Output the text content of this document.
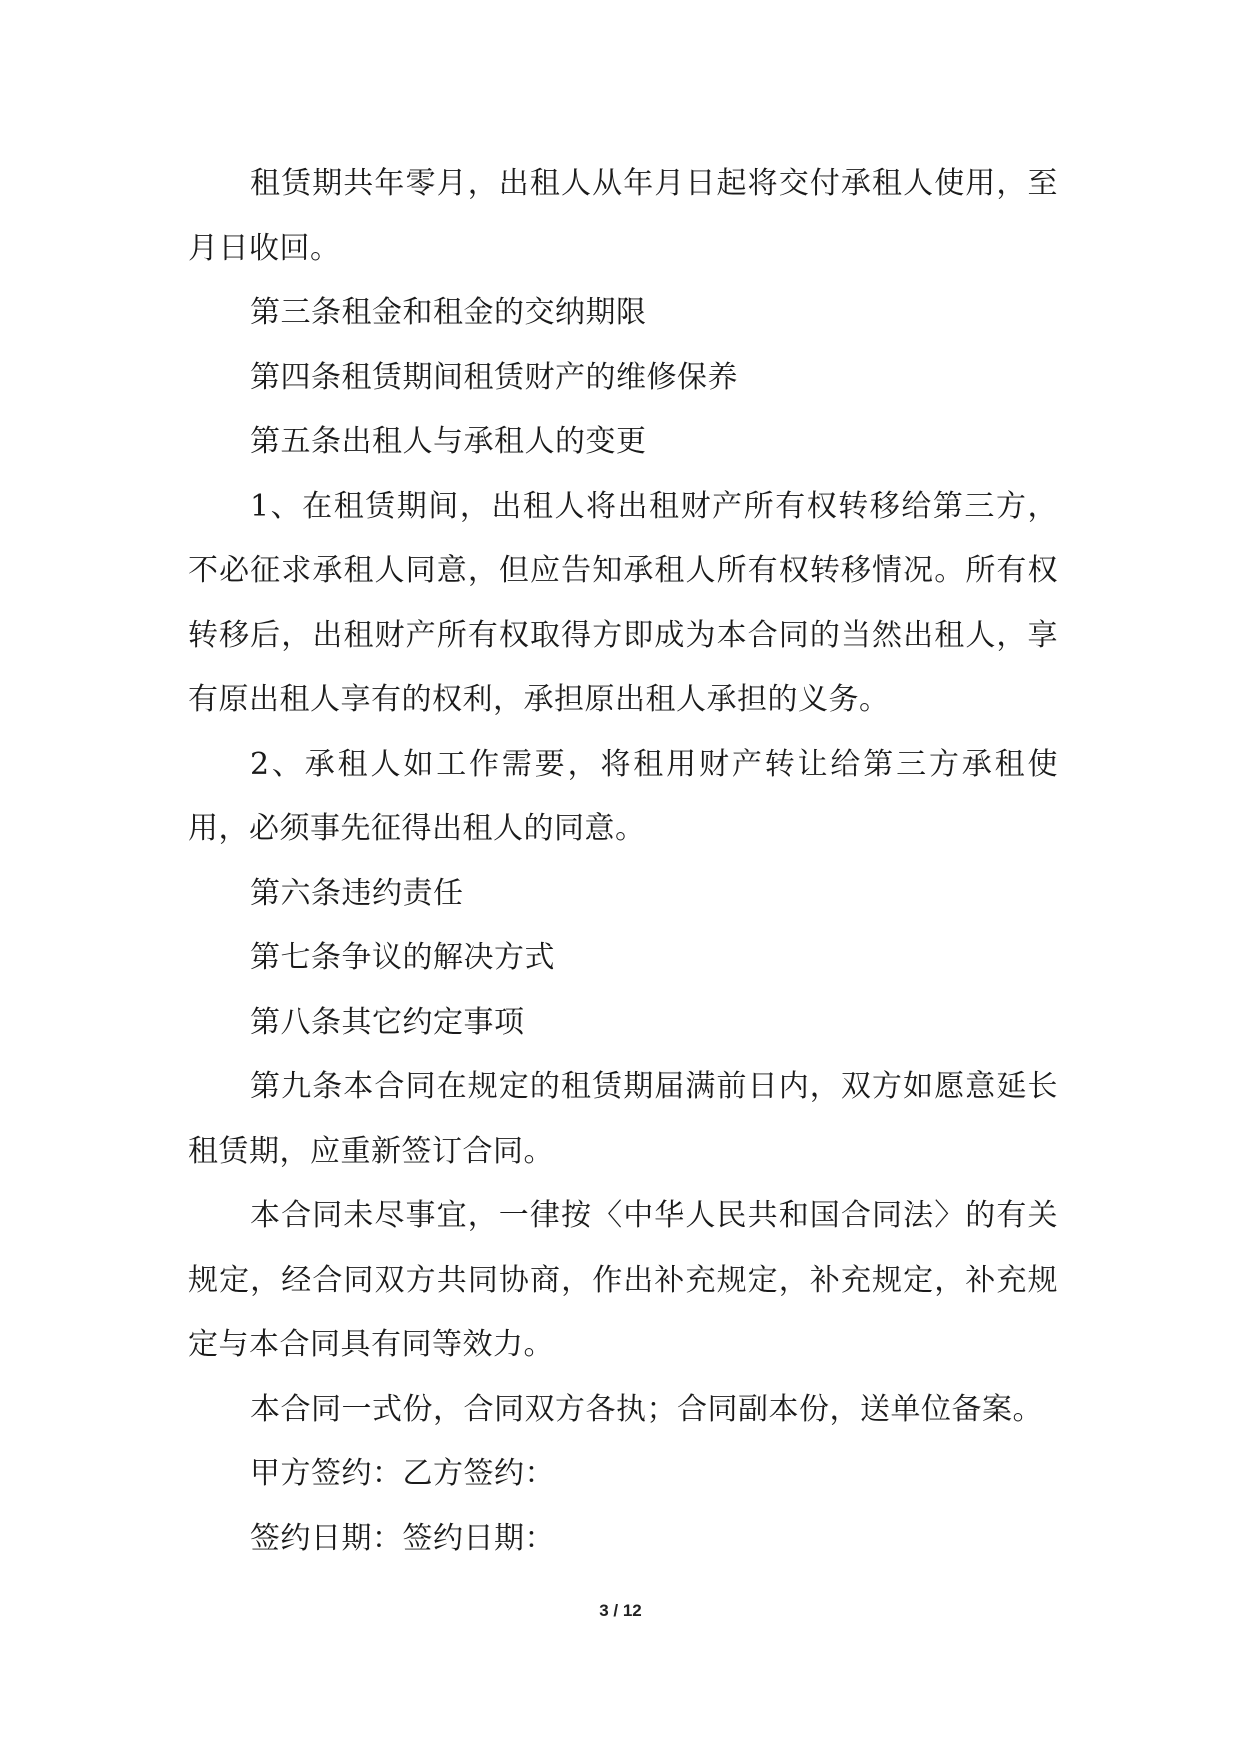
租赁期共年零月，出租人从年月日起将交付承租人使用，至月日收回。

第三条租金和租金的交纳期限

第四条租赁期间租赁财产的维修保养

第五条出租人与承租人的变更

1、在租赁期间，出租人将出租财产所有权转移给第三方，不必征求承租人同意，但应告知承租人所有权转移情况。所有权转移后，出租财产所有权取得方即成为本合同的当然出租人，享有原出租人享有的权利，承担原出租人承担的义务。

2、承租人如工作需要，将租用财产转让给第三方承租使用，必须事先征得出租人的同意。

第六条违约责任

第七条争议的解决方式

第八条其它约定事项

第九条本合同在规定的租赁期届满前日内，双方如愿意延长租赁期，应重新签订合同。

本合同未尽事宜，一律按〈中华人民共和国合同法〉的有关规定，经合同双方共同协商，作出补充规定，补充规定，补充规定与本合同具有同等效力。

本合同一式份，合同双方各执；合同副本份，送单位备案。

甲方签约：乙方签约：

签约日期：签约日期：

3 / 12
